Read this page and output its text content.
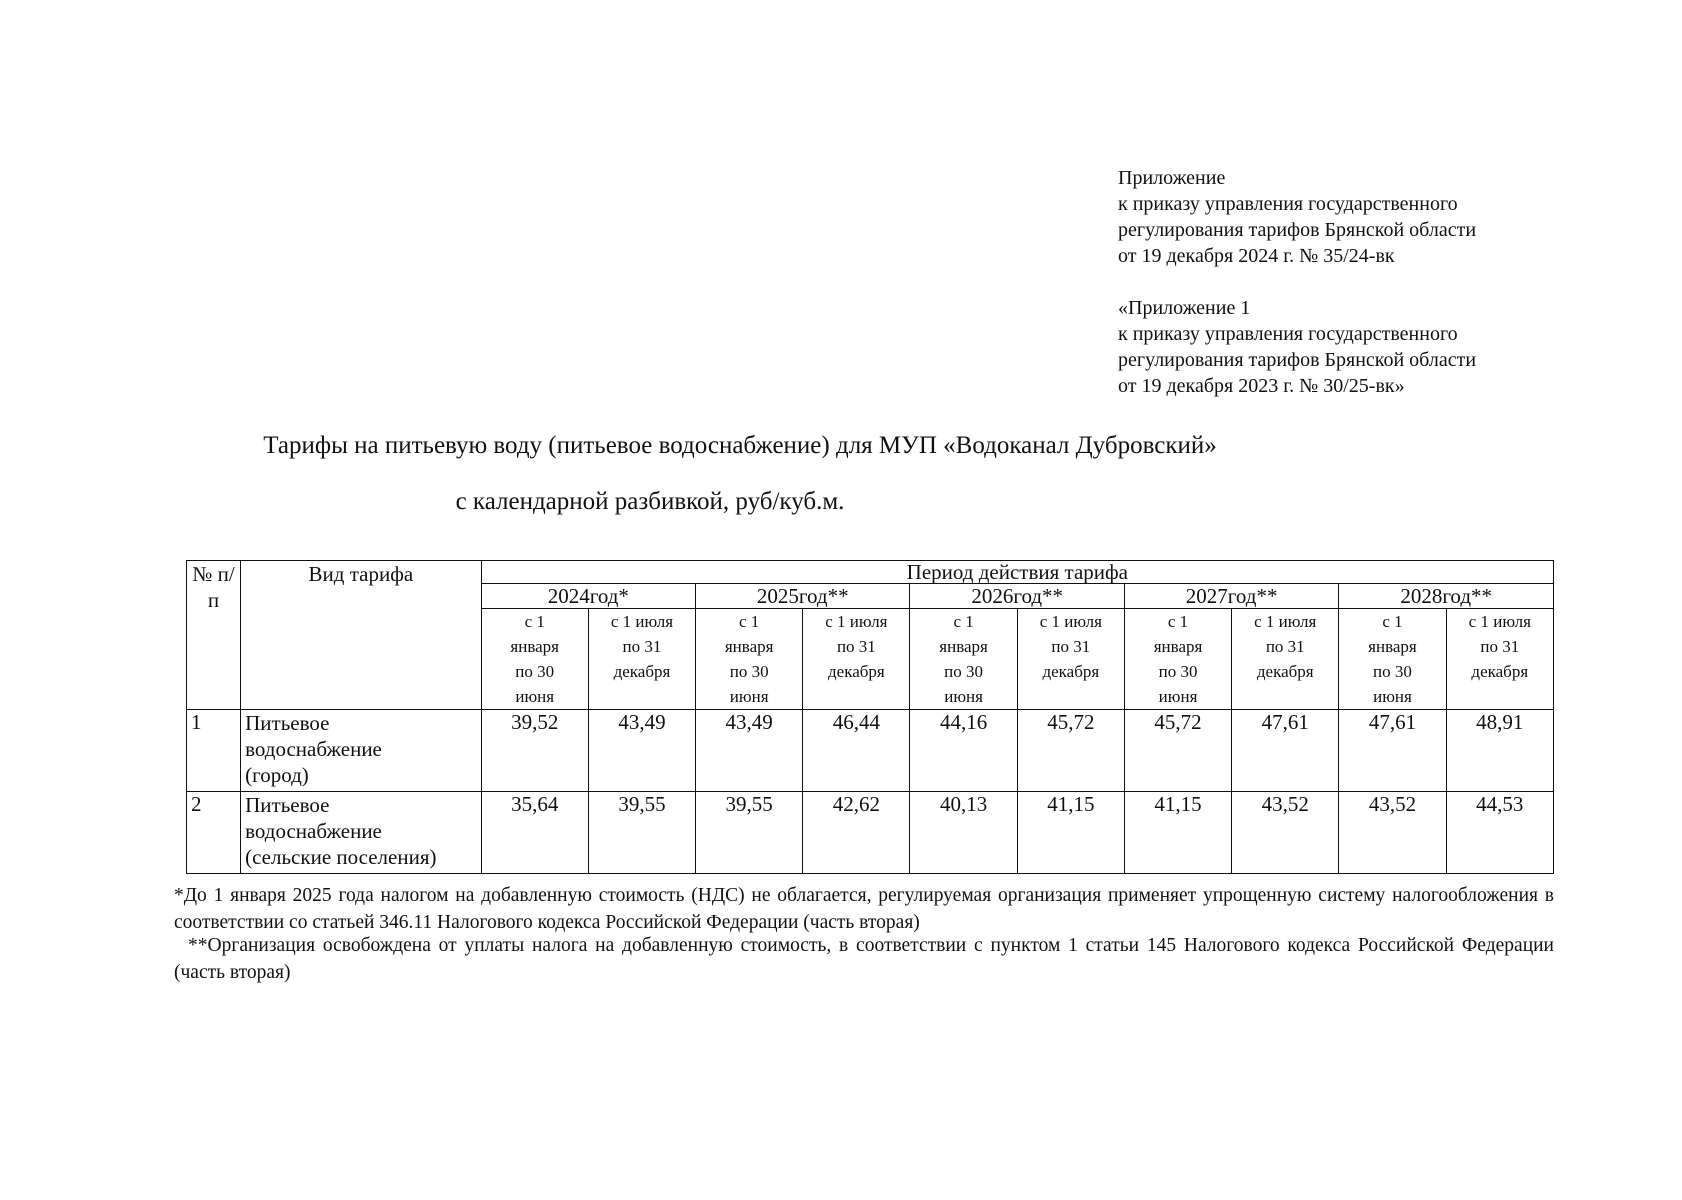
Приложение
к приказу управления государственного
регулирования тарифов Брянской области
от 19 декабря 2024 г. № 35/24-вк
«Приложение 1
к приказу управления государственного
регулирования тарифов Брянской области
от 19 декабря 2023 г. № 30/25-вк»
Тарифы на питьевую воду (питьевое водоснабжение) для МУП «Водоканал Дубровский»
с календарной разбивкой, руб/куб.м.
№ п/п	Вид тарифа	Период действия тарифа									
		2024год*		2025год**		2026год**		2027год**		2028год**	
		с 1
января
по 30
июня	с 1 июля
по 31
декабря	с 1
января
по 30
июня	с 1 июля
по 31
декабря	с 1
января
по 30
июня	с 1 июля
по 31
декабря	с 1
января
по 30
июня	с 1 июля
по 31
декабря	с 1
января
по 30
июня	с 1 июля
по 31
декабря
1	Питьевое
водоснабжение
(город)	39,52	43,49	43,49	46,44	44,16	45,72	45,72	47,61	47,61	48,91
2	Питьевое
водоснабжение
(сельские поселения)	35,64	39,55	39,55	42,62	40,13	41,15	41,15	43,52	43,52	44,53
*До 1 января 2025 года налогом на добавленную стоимость (НДС) не облагается, регулируемая организация применяет упрощенную систему налогообложения в соответствии со статьей 346.11 Налогового кодекса Российской Федерации (часть вторая)
**Организация освобождена от уплаты налога на добавленную стоимость, в соответствии с пунктом 1 статьи 145 Налогового кодекса Российской Федерации (часть вторая)
